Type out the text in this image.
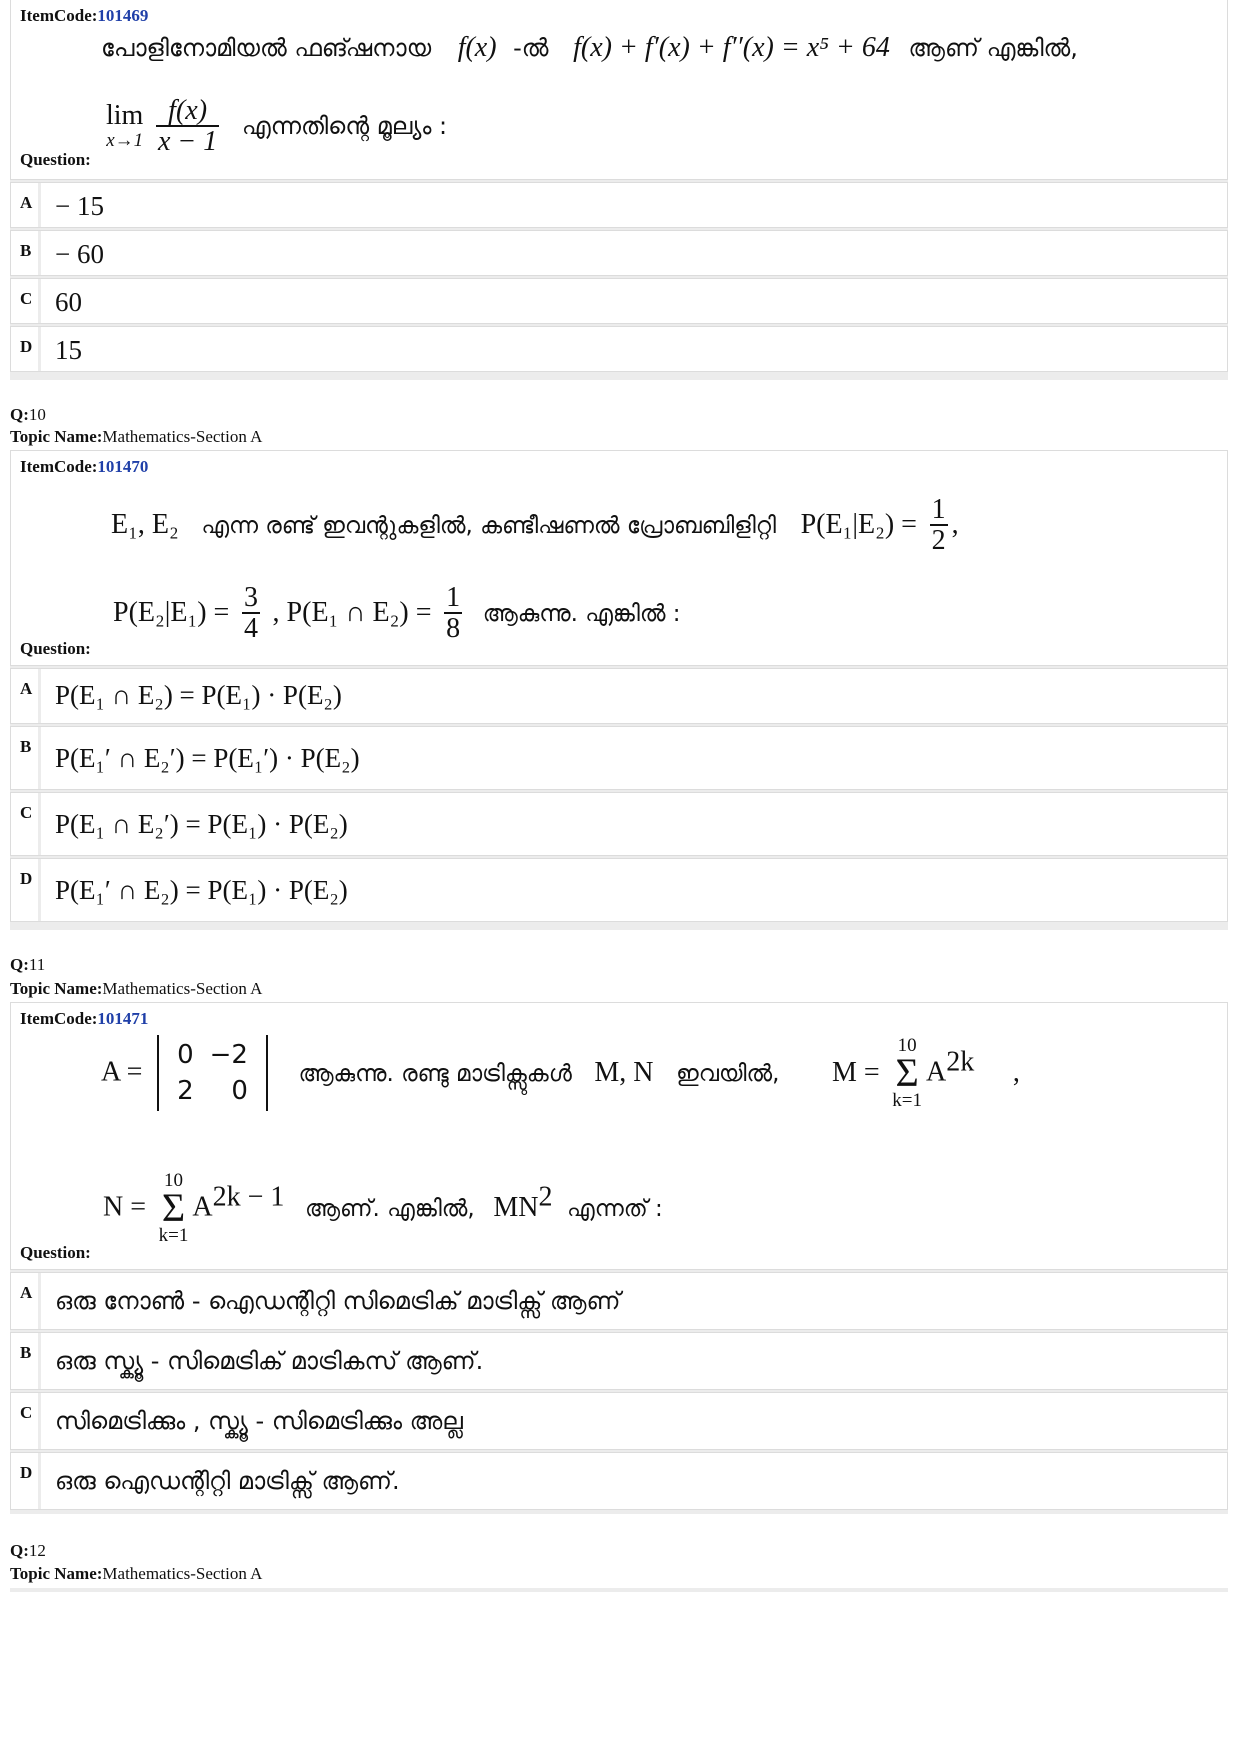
ItemCode:101469
പോളിനോമിയൽ ഫങ്ഷനായ f(x) -ൽ f(x) + f′(x) + f′′(x) = x⁵ + 64 ആണ് എങ്കിൽ,
lim
x→1
$\frac{f(x)}{x - 1}$ എന്നതിന്റെ മൂല്യം :
Question:
A − 15
B − 60
C 60
D 15
Q:10
Topic Name:Mathematics-Section A
ItemCode:101470
E₁, E₂ എന്ന രണ്ട് ഇവന്റുകളിൽ, കണ്ടീഷണൽ പ്രോബബിളിറ്റി $P(E_1|E_2) = \frac{1}{2}$ ,
$P(E_2|E_1) = \frac{3}{4}$ , P(E₁ ∩ $E_2) = \frac{1}{8}$ ആകുന്നു. എങ്കിൽ :
Question:
A P(E₁ ∩ E₂) = P(E₁) · P(E₂)
B P(E₁′ ∩ E₂′) = P(E₁′) · P(E₂)
C P(E₁ ∩ E₂′) = P(E₁) · P(E₂)
D P(E₁′ ∩ E₂) = P(E₁) · P(E₂)
Q:11
Topic Name:Mathematics-Section A
ItemCode:101471
A =
0	−2
2	0
ആകുന്നു. രണ്ടു മാട്രിക്സുകൾ M, N ഇവയിൽ, M =
10
Σ
k=1
$A^{2k}$ ,
N =
10
Σ
k=1
$A^{2k - 1}$ ആണ്. എങ്കിൽ, $MN^2$ എന്നത് :
Question:
A ഒരു നോൺ - ഐഡന്റിറ്റി സിമെട്രിക് മാട്രിക്സ് ആണ്
B ഒരു സ്ക്യൂ - സിമെട്രിക് മാട്രികസ് ആണ്.
C സിമെട്രിക്കും , സ്ക്യൂ - സിമെട്രിക്കും അല്ല
D ഒരു ഐഡന്റിറ്റി മാട്രിക്സ് ആണ്.
Q:12
Topic Name:Mathematics-Section A
